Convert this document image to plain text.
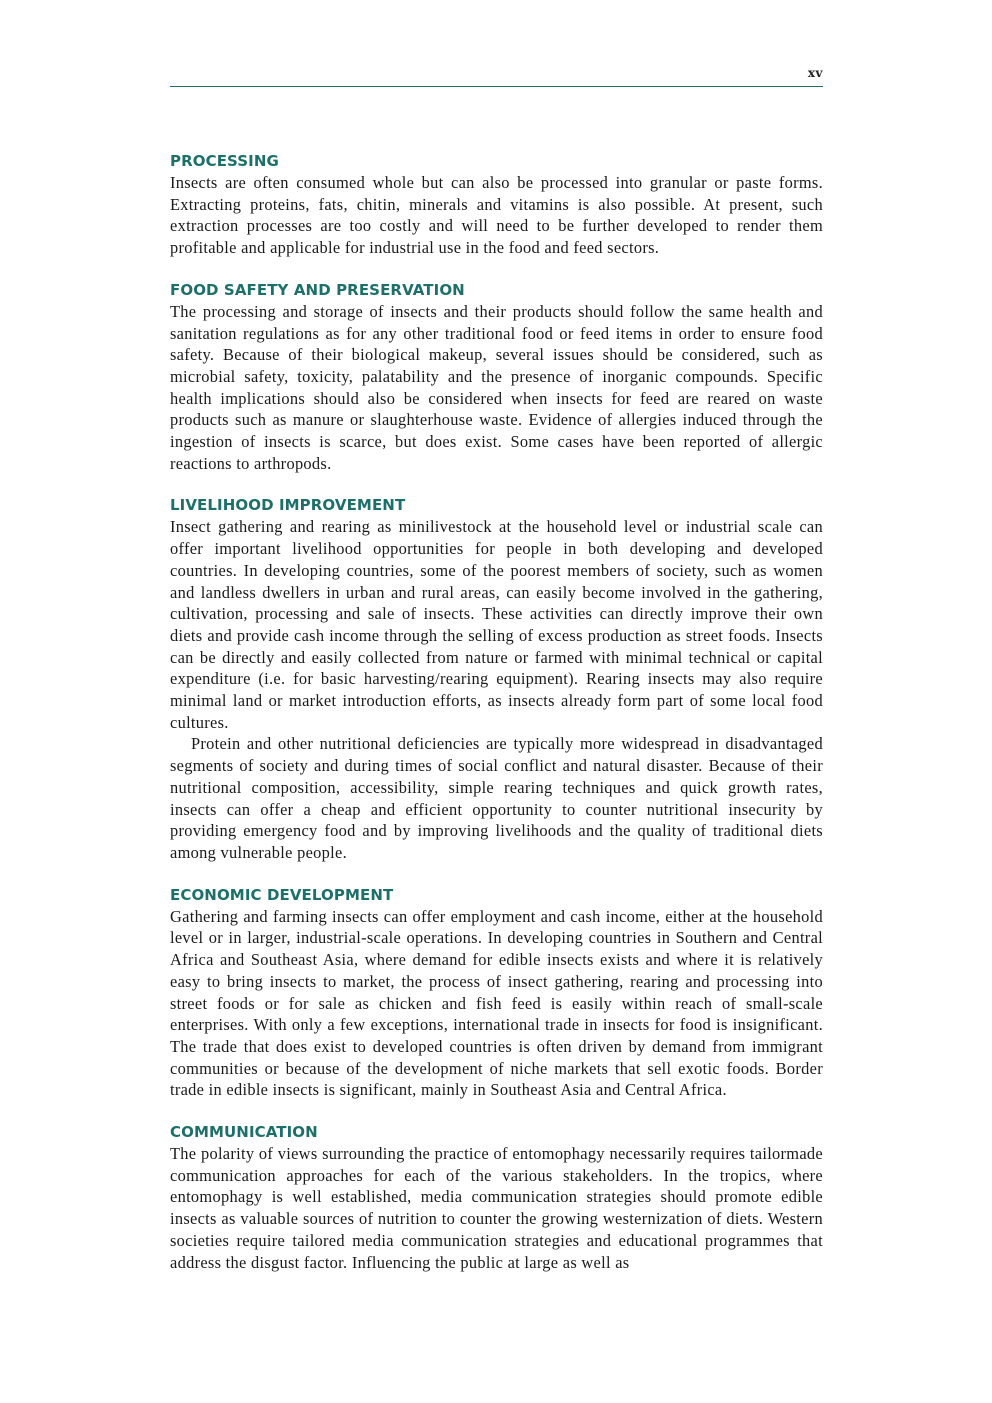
xv
PROCESSING

Insects are often consumed whole but can also be processed into granular or paste forms. Extracting proteins, fats, chitin, minerals and vitamins is also possible. At present, such extraction processes are too costly and will need to be further developed to render them profitable and applicable for industrial use in the food and feed sectors.

FOOD SAFETY AND PRESERVATION

The processing and storage of insects and their products should follow the same health and sanitation regulations as for any other traditional food or feed items in order to ensure food safety. Because of their biological makeup, several issues should be considered, such as microbial safety, toxicity, palatability and the presence of inorganic compounds. Specific health implications should also be considered when insects for feed are reared on waste products such as manure or slaughterhouse waste. Evidence of allergies induced through the ingestion of insects is scarce, but does exist. Some cases have been reported of allergic reactions to arthropods.

LIVELIHOOD IMPROVEMENT

Insect gathering and rearing as minilivestock at the household level or industrial scale can offer important livelihood opportunities for people in both developing and developed countries. In developing countries, some of the poorest members of society, such as women and landless dwellers in urban and rural areas, can easily become involved in the gathering, cultivation, processing and sale of insects. These activities can directly improve their own diets and provide cash income through the selling of excess production as street foods. Insects can be directly and easily collected from nature or farmed with minimal technical or capital expenditure (i.e. for basic harvesting/rearing equipment). Rearing insects may also require minimal land or market introduction efforts, as insects already form part of some local food cultures.

Protein and other nutritional deficiencies are typically more widespread in disadvantaged segments of society and during times of social conflict and natural disaster. Because of their nutritional composition, accessibility, simple rearing techniques and quick growth rates, insects can offer a cheap and efficient opportunity to counter nutritional insecurity by providing emergency food and by improving livelihoods and the quality of traditional diets among vulnerable people.

ECONOMIC DEVELOPMENT

Gathering and farming insects can offer employment and cash income, either at the household level or in larger, industrial-scale operations. In developing countries in Southern and Central Africa and Southeast Asia, where demand for edible insects exists and where it is relatively easy to bring insects to market, the process of insect gathering, rearing and processing into street foods or for sale as chicken and fish feed is easily within reach of small-scale enterprises. With only a few exceptions, international trade in insects for food is insignificant. The trade that does exist to developed countries is often driven by demand from immigrant communities or because of the development of niche markets that sell exotic foods. Border trade in edible insects is significant, mainly in Southeast Asia and Central Africa.

COMMUNICATION

The polarity of views surrounding the practice of entomophagy necessarily requires tailormade communication approaches for each of the various stakeholders. In the tropics, where entomophagy is well established, media communication strategies should promote edible insects as valuable sources of nutrition to counter the growing westernization of diets. Western societies require tailored media communication strategies and educational programmes that address the disgust factor. Influencing the public at large as well as
